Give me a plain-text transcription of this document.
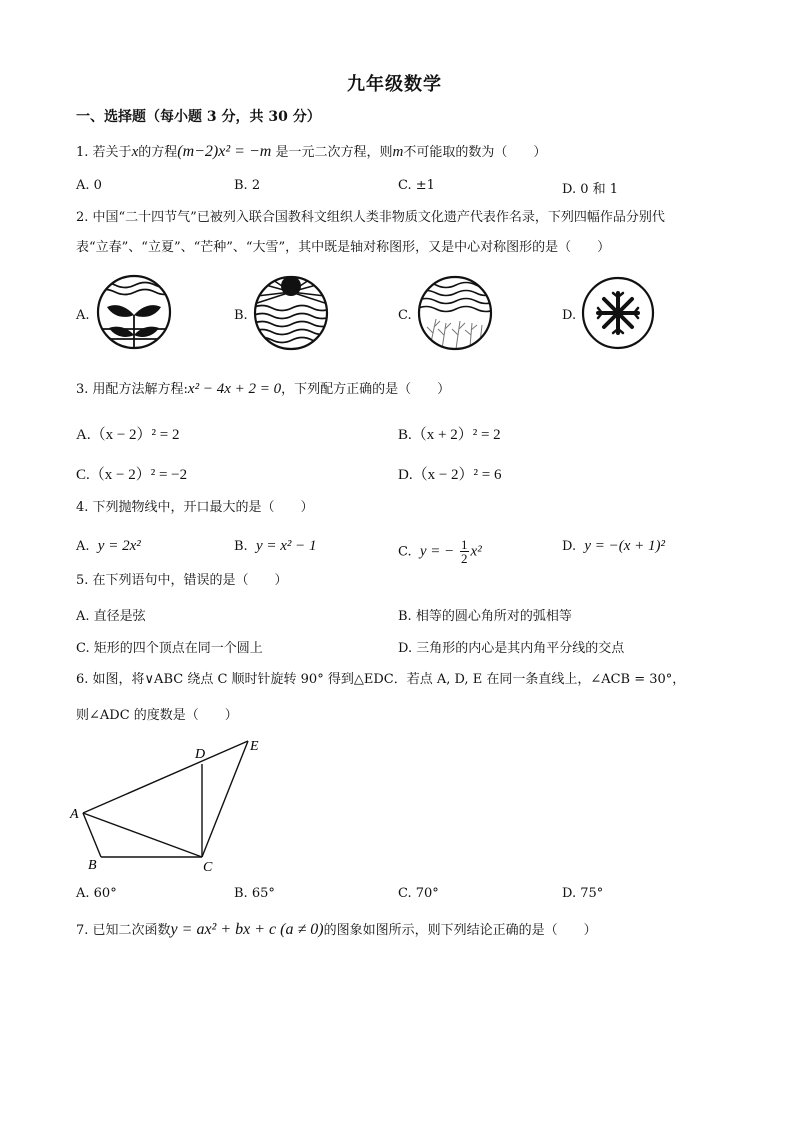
九年级数学
一、选择题（每小题 3 分，共 30 分）
1. 若关于x的方程(m−2)x² = −m 是一元二次方程，则m不可能取的数为（　　）
A. 0	B. 2	C. ±1	D. 0 和 1
2. 中国“二十四节气”已被列入联合国教科文组织人类非物质文化遗产代表作名录，下列四幅作品分别代
表“立春”、“立夏”、“芒种”、“大雪”，其中既是轴对称图形，又是中心对称图形的是（　　）
A.	B.	C.	D.
3. 用配方法解方程:x² − 4x + 2 = 0，下列配方正确的是（　　）
A.（x − 2）² = 2	B.（x + 2）² = 2
C.（x − 2）² = −2	D.（x − 2）² = 6
4. 下列抛物线中，开口最大的是（　　）
A. y = 2x²	B. y = x² − 1	C. y = − $\frac{1}{2} x^2$	D. y = −(x + 1)²
5. 在下列语句中，错误的是（　　）
A. 直径是弦	B. 相等的圆心角所对的弧相等
C. 矩形的四个顶点在同一个圆上	D. 三角形的内心是其内角平分线的交点
6. 如图，将∨ABC 绕点 C 顺时针旋转 90° 得到△EDC．若点 A, D, E 在同一条直线上，∠ACB = 30°，
则∠ADC 的度数是（　　）
A
B	C
D
E
A. 60°	B. 65°	C. 70°	D. 75°
7. 已知二次函数y = ax² + bx + c (a ≠ 0)的图象如图所示，则下列结论正确的是（　　）
